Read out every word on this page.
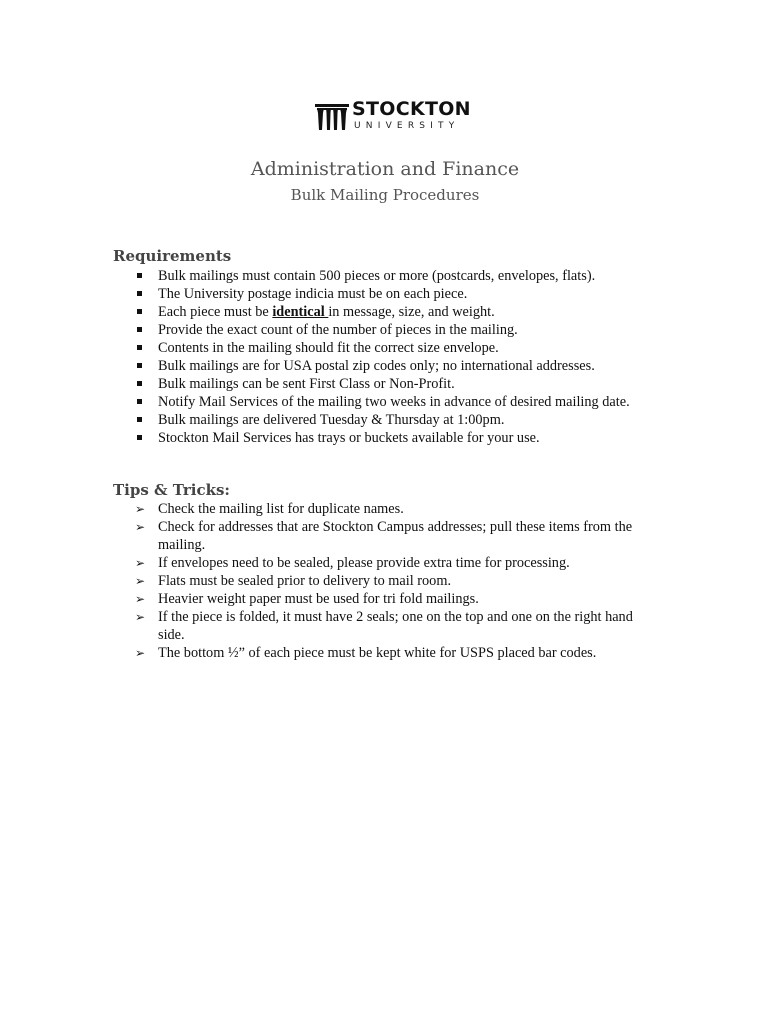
STOCKTON
UNIVERSITY
Administration and Finance
Bulk Mailing Procedures
Requirements
Bulk mailings must contain 500 pieces or more (postcards, envelopes, flats).
The University postage indicia must be on each piece.
Each piece must be identical in message, size, and weight.
Provide the exact count of the number of pieces in the mailing.
Contents in the mailing should fit the correct size envelope.
Bulk mailings are for USA postal zip codes only; no international addresses.
Bulk mailings can be sent First Class or Non-Profit.
Notify Mail Services of the mailing two weeks in advance of desired mailing date.
Bulk mailings are delivered Tuesday & Thursday at 1:00pm.
Stockton Mail Services has trays or buckets available for your use.
Tips & Tricks:
➢ Check the mailing list for duplicate names.
➢ Check for addresses that are Stockton Campus addresses; pull these items from the mailing.
➢ If envelopes need to be sealed, please provide extra time for processing.
➢ Flats must be sealed prior to delivery to mail room.
➢ Heavier weight paper must be used for tri fold mailings.
➢ If the piece is folded, it must have 2 seals; one on the top and one on the right hand side.
➢ The bottom ½” of each piece must be kept white for USPS placed bar codes.
